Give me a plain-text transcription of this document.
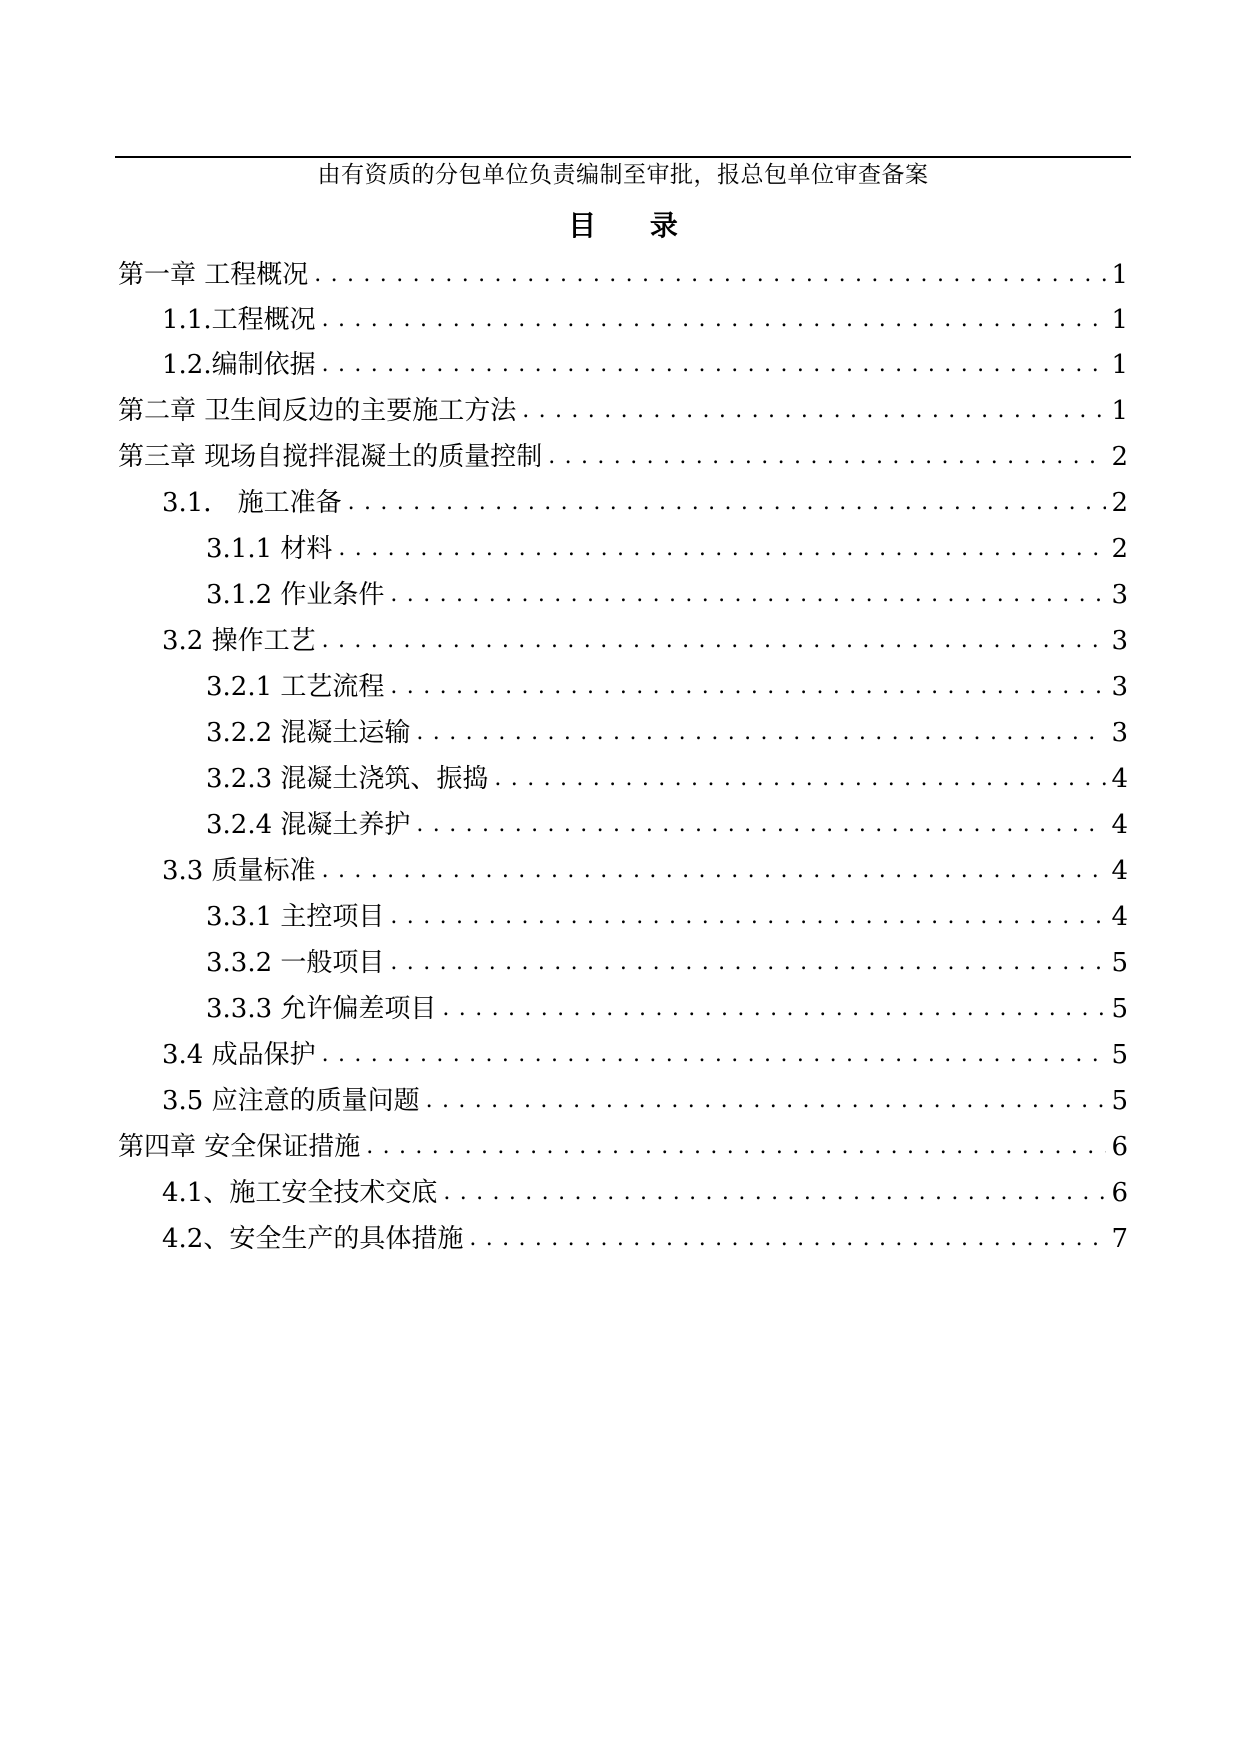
由有资质的分包单位负责编制至审批，报总包单位审查备案
目 录
第一章 工程概况 . . .	1
1.1.工程概况 . . .	1
1.2.编制依据 . . .	1
第二章 卫生间反边的主要施工方法 . . .	1
第三章 现场自搅拌混凝土的质量控制 . . .	2
3.1． 施工准备 . . .	2
3.1.1 材料 . . .	2
3.1.2 作业条件 . . .	3
3.2 操作工艺 . . .	3
3.2.1 工艺流程 . . .	3
3.2.2 混凝土运输 . . .	3
3.2.3 混凝土浇筑、振捣 . . .	4
3.2.4 混凝土养护 . . .	4
3.3 质量标准 . . .	4
3.3.1 主控项目 . . .	4
3.3.2 一般项目 . . .	5
3.3.3 允许偏差项目 . . .	5
3.4 成品保护 . . .	5
3.5 应注意的质量问题 . . .	5
第四章 安全保证措施 . . .	6
4.1、施工安全技术交底 . . .	6
4.2、安全生产的具体措施 . . .	7
